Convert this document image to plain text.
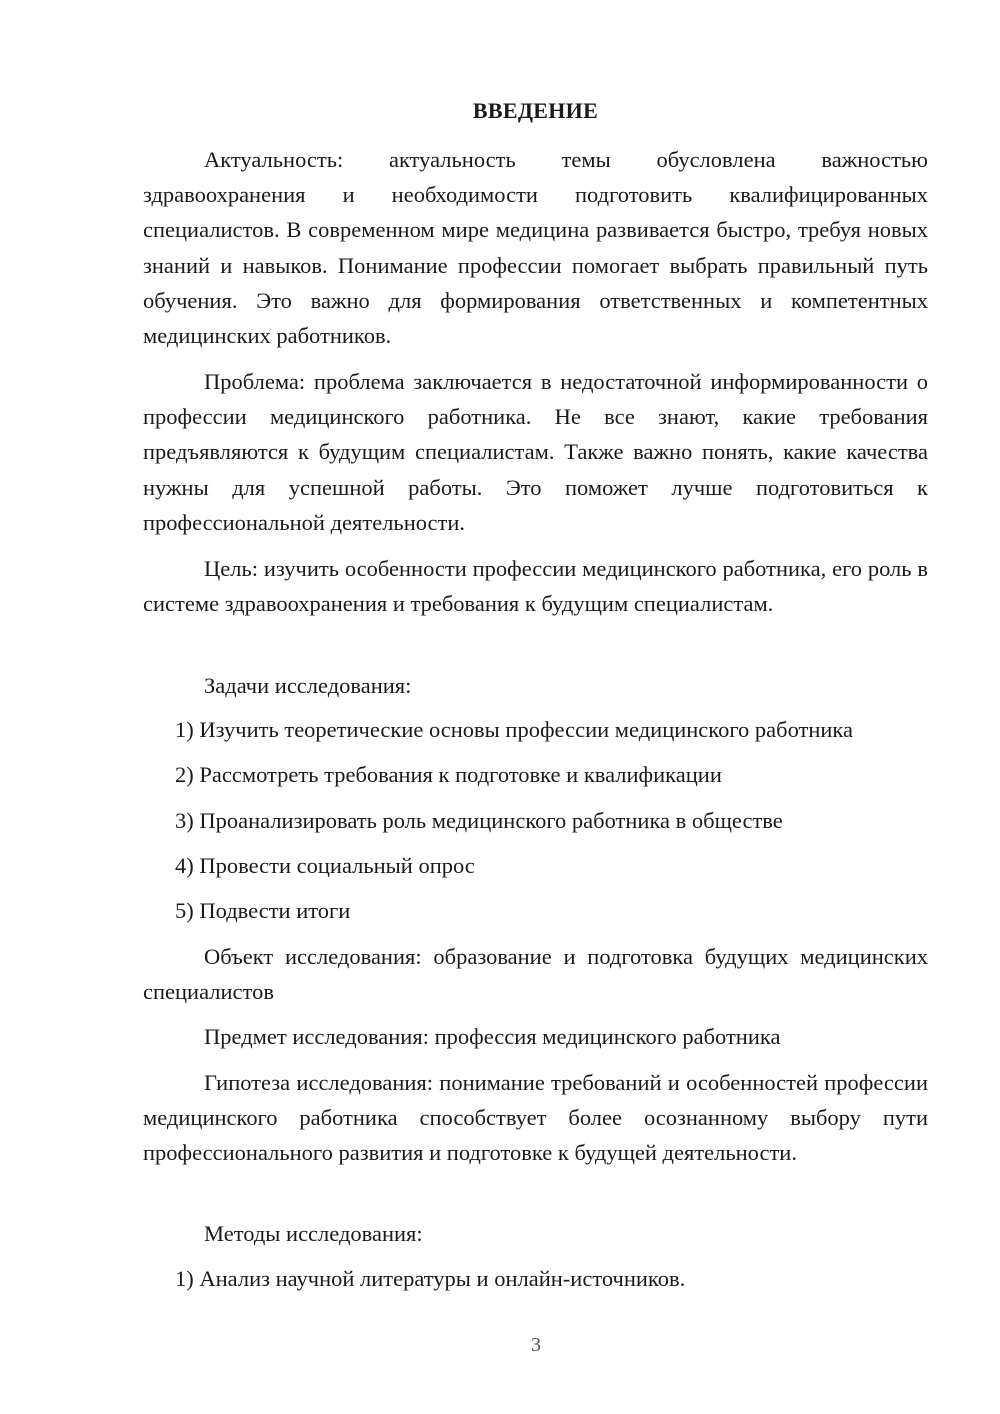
ВВЕДЕНИЕ

Актуальность: актуальность темы обусловлена важностью здравоохранения и необходимости подготовить квалифицированных специалистов. В современном мире медицина развивается быстро, требуя новых знаний и навыков. Понимание профессии помогает выбрать правильный путь обучения. Это важно для формирования ответственных и компетентных медицинских работников.

Проблема: проблема заключается в недостаточной информированности о профессии медицинского работника. Не все знают, какие требования предъявляются к будущим специалистам. Также важно понять, какие качества нужны для успешной работы. Это поможет лучше подготовиться к профессиональной деятельности.

Цель: изучить особенности профессии медицинского работника, его роль в системе здравоохранения и требования к будущим специалистам.

Задачи исследования:

1) Изучить теоретические основы профессии медицинского работника

2) Рассмотреть требования к подготовке и квалификации

3) Проанализировать роль медицинского работника в обществе

4) Провести социальный опрос

5) Подвести итоги

Объект исследования: образование и подготовка будущих медицинских специалистов

Предмет исследования: профессия медицинского работника

Гипотеза исследования: понимание требований и особенностей профессии медицинского работника способствует более осознанному выбору пути профессионального развития и подготовке к будущей деятельности.

Методы исследования:

1) Анализ научной литературы и онлайн-источников.

3
